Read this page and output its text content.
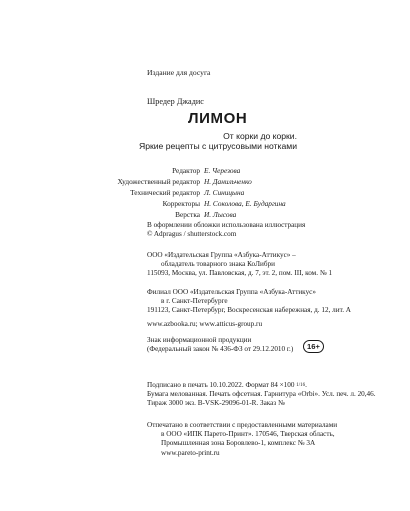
Издание для досуга
Шредер Джадис
ЛИМОН
От корки до корки.
Яркие рецепты с цитрусовыми нотками
Редактор Е. Черезова
Художественный редактор Н. Данильченко
Технический редактор Л. Синицына
Корректоры Н. Соколова, Е. Бударгина
Верстка И. Лысова
В оформлении обложки использована иллюстрация
© Adpragus / shutterstock.com
ООО «Издательская Группа «Азбука-Аттикус» –
обладатель товарного знака КоЛибри
115093, Москва, ул. Павловская, д. 7, эт. 2, пом. III, ком. № 1
Филиал ООО «Издательская Группа «Азбука-Аттикус»
в г. Санкт-Петербурге
191123, Санкт-Петербург, Воскресенская набережная, д. 12, лит. А
www.azbooka.ru; www.atticus-group.ru
Знак информационной продукции
(Федеральный закон № 436-ФЗ от 29.12.2010 г.)	16+
Подписано в печать 10.10.2022. Формат 84 ×100 $^{1/16}$.
Бумага мелованная. Печать офсетная. Гарнитура «Orbi». Усл. печ. л. 20,46.
Тираж 3000 экз. B-VSK-29096-01-R. Заказ №
Отпечатано в соответствии с предоставленными материалами
в ООО «ИПК Парето-Принт». 170546, Тверская область,
Промышленная зона Боровлево-1, комплекс № 3А
www.pareto-print.ru
